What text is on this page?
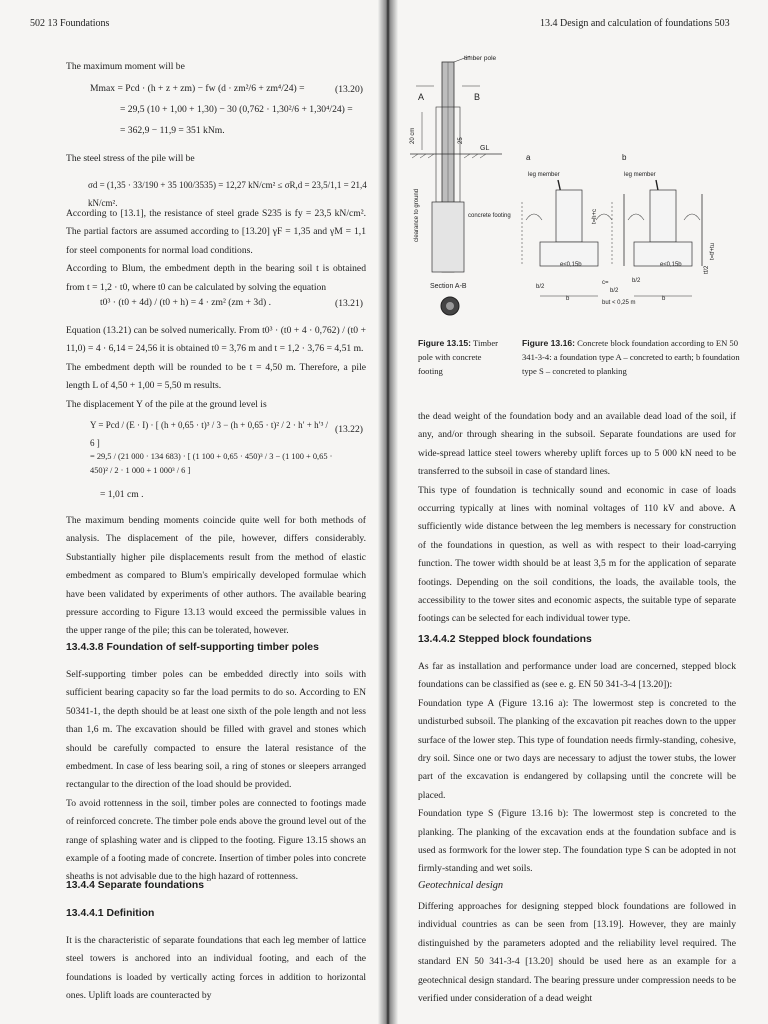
502 13 Foundations
The maximum moment will be
Mmax = Pcd · (h + z + zm) − fw (d · zm²/6 + zm⁴/24) =
= 29,5 (10 + 1,00 + 1,30) − 30 (0,762 · 1,30²/6 + 1,30⁴/24) =
= 362,9 − 11,9 = 351 kNm.
(13.20)
The steel stress of the pile will be
σd = (1,35 · 33/190 + 35 100/3535) = 12,27 kN/cm² ≤ σR,d = 23,5/1,1 = 21,4 kN/cm².

According to [13.1], the resistance of steel grade S235 is fy = 23,5 kN/cm². The partial factors are assumed according to [13.20] γF = 1,35 and γM = 1,1 for steel components for normal load conditions.

According to Blum, the embedment depth in the bearing soil t is obtained from t = 1,2 · t0, where t0 can be calculated by solving the equation

t0³ · (t0 + 4d) / (t0 + h) = 4 · zm² (zm + 3d) .	(13.21)

Equation (13.21) can be solved numerically. From t0³ · (t0 + 4 · 0,762) / (t0 + 11,0) = 4 · 6,14 = 24,56 it is obtained t0 = 3,76 m and t = 1,2 · 3,76 = 4,51 m.

The embedment depth will be rounded to be t = 4,50 m. Therefore, a pile length L of 4,50 + 1,00 = 5,50 m results.

The displacement Y of the pile at the ground level is

Y = Pcd / (E · I) · [ (h + 0,65 · t)³ / 3 − (h + 0,65 · t)² / 2 · h′ + h′³ / 6 ]
= 29,5 / (21 000 · 134 683) · [ (1 100 + 0,65 · 450)³ / 3 − (1 100 + 0,65 · 450)² / 2 · 1 000 + 1 000³ / 6 ]
= 1,01 cm .
(13.22)
The maximum bending moments coincide quite well for both methods of analysis. The displacement of the pile, however, differs considerably. Substantially higher pile displacements result from the method of elastic embedment as compared to Blum's empirically developed formulae which have been validated by experiments of other authors. The available bearing pressure according to Figure 13.13 would exceed the permissible values in the upper range of the pile; this can be tolerated, however.
13.4.3.8 Foundation of self-supporting timber poles

Self-supporting timber poles can be embedded directly into soils with sufficient bearing capacity so far the load permits to do so. According to EN 50341-1, the depth should be at least one sixth of the pole length and not less than 1,6 m. The excavation should be filled with gravel and stones which should be carefully compacted to ensure the lateral resistance of the embedment. In case of less bearing soil, a ring of stones or sleepers arranged rectangular to the direction of the load should be provided.

To avoid rottenness in the soil, timber poles are connected to footings made of reinforced concrete. The timber pole ends above the ground level out of the range of splashing water and is clipped to the footing. Figure 13.15 shows an example of a footing made of concrete. Insertion of timber poles into concrete sheaths is not advisable due to the high hazard of rottenness.

13.4.4 Separate foundations
13.4.4.1 Definition
It is the characteristic of separate foundations that each leg member of lattice steel towers is anchored into an individual footing, and each of the foundations is loaded by vertically acting forces in addition to horizontal ones. Uplift loads are counteracted by
13.4 Design and calculation of foundations 503
timber pole
A	B
20 cm	25
GL
clearance to ground	concrete footing
Section A-B
a	b
leg member	leg member
t=h+c
e≤0,15b
b/2
b
c=
b/2
but < 0,25 m
t=tf+tu
tf/2
e≤0,15b
b/2
b
Figure 13.15: Timber pole with concrete footing
Figure 13.16: Concrete block foundation according to EN 50 341-3-4: a foundation type A – concreted to earth; b foundation type S – concreted to planking

the dead weight of the foundation body and an available dead load of the soil, if any, and/or through shearing in the subsoil. Separate foundations are used for wide-spread lattice steel towers whereby uplift forces up to 5 000 kN need to be transferred to the subsoil in case of standard lines.

This type of foundation is technically sound and economic in case of loads occurring typically at lines with nominal voltages of 110 kV and above. A sufficiently wide distance between the leg members is necessary for construction of the foundations in question, as well as with respect to their load-carrying function. The tower width should be at least 3,5 m for the application of separate footings. Depending on the soil conditions, the loads, the available tools, the accessibility to the tower sites and economic aspects, the suitable type of separate footings can be selected for each individual tower type.

13.4.4.2 Stepped block foundations

As far as installation and performance under load are concerned, stepped block foundations can be classified as (see e. g. EN 50 341-3-4 [13.20]):

Foundation type A (Figure 13.16 a): The lowermost step is concreted to the undisturbed subsoil. The planking of the excavation pit reaches down to the upper surface of the lower step. This type of foundation needs firmly-standing, cohesive, dry soil. Since one or two days are necessary to adjust the tower stubs, the lower part of the excavation is endangered by collapsing until the concrete will be placed.

Foundation type S (Figure 13.16 b): The lowermost step is concreted to the planking. The planking of the excavation ends at the foundation subface and is used as formwork for the lower step. The foundation type S can be adopted in not firmly-standing and wet soils.

Geotechnical design
Differing approaches for designing stepped block foundations are followed in individual countries as can be seen from [13.19]. However, they are mainly distinguished by the parameters adopted and the reliability level required. The standard EN 50 341-3-4 [13.20] should be used here as an example for a geotechnical design standard. The bearing pressure under compression needs to be verified under consideration of a dead weight
